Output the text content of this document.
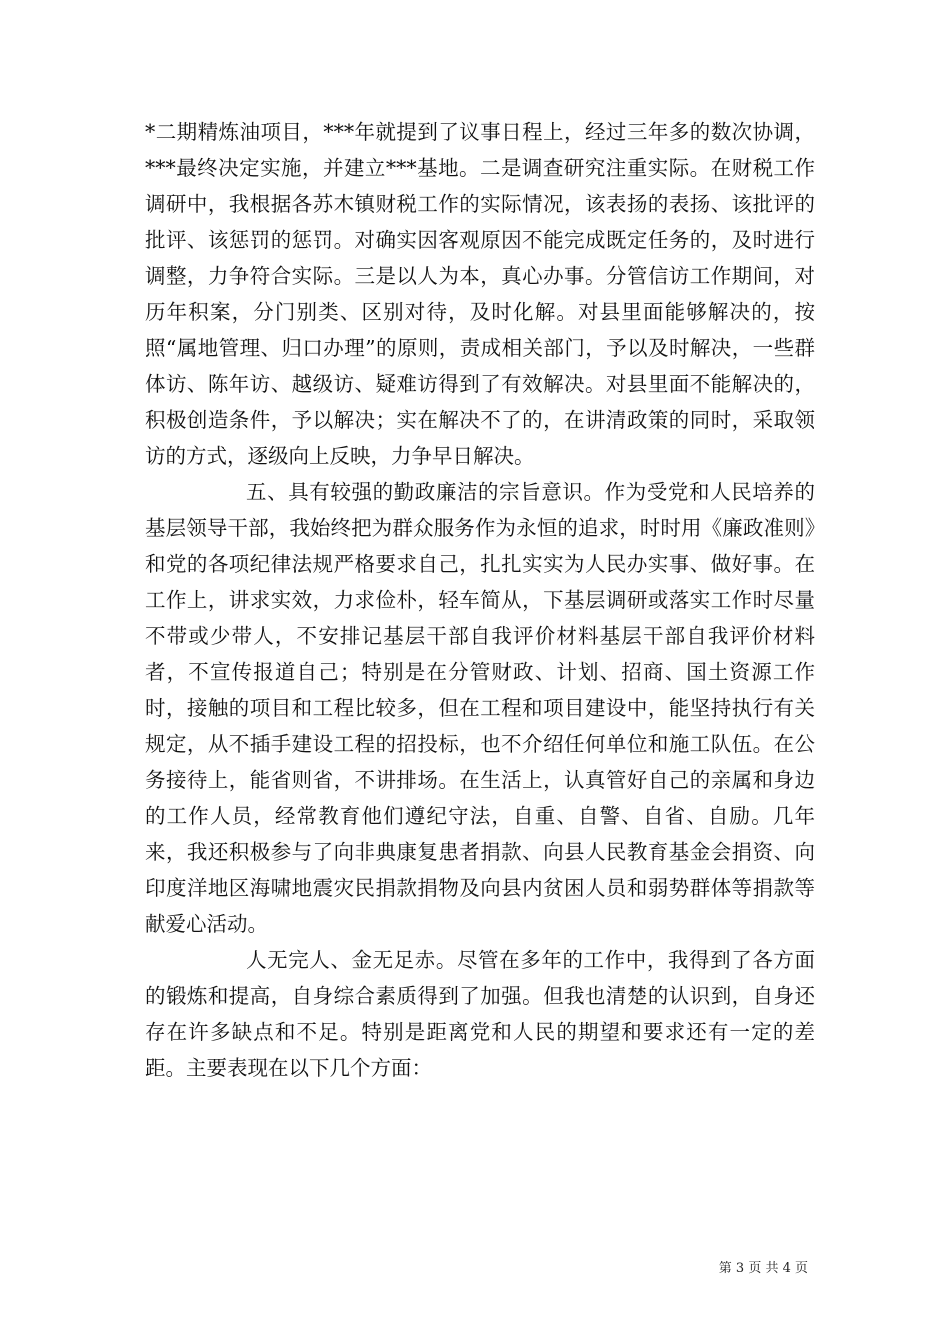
*二期精炼油项目，***年就提到了议事日程上，经过三年多的数次协调，***最终决定实施，并建立***基地。二是调查研究注重实际。在财税工作调研中，我根据各苏木镇财税工作的实际情况，该表扬的表扬、该批评的批评、该惩罚的惩罚。对确实因客观原因不能完成既定任务的，及时进行调整，力争符合实际。三是以人为本，真心办事。分管信访工作期间，对历年积案，分门别类、区别对待，及时化解。对县里面能够解决的，按照“属地管理、归口办理”的原则，责成相关部门，予以及时解决，一些群体访、陈年访、越级访、疑难访得到了有效解决。对县里面不能解决的，积极创造条件，予以解决；实在解决不了的，在讲清政策的同时，采取领访的方式，逐级向上反映，力争早日解决。

五、具有较强的勤政廉洁的宗旨意识。作为受党和人民培养的基层领导干部，我始终把为群众服务作为永恒的追求，时时用《廉政准则》和党的各项纪律法规严格要求自己，扎扎实实为人民办实事、做好事。在工作上，讲求实效，力求俭朴，轻车简从，下基层调研或落实工作时尽量不带或少带人，不安排记基层干部自我评价材料基层干部自我评价材料者，不宣传报道自己；特别是在分管财政、计划、招商、国土资源工作时，接触的项目和工程比较多，但在工程和项目建设中，能坚持执行有关规定，从不插手建设工程的招投标，也不介绍任何单位和施工队伍。在公务接待上，能省则省，不讲排场。在生活上，认真管好自己的亲属和身边的工作人员，经常教育他们遵纪守法，自重、自警、自省、自励。几年来，我还积极参与了向非典康复患者捐款、向县人民教育基金会捐资、向印度洋地区海啸地震灾民捐款捐物及向县内贫困人员和弱势群体等捐款等献爱心活动。

人无完人、金无足赤。尽管在多年的工作中，我得到了各方面的锻炼和提高，自身综合素质得到了加强。但我也清楚的认识到，自身还存在许多缺点和不足。特别是距离党和人民的期望和要求还有一定的差距。主要表现在以下几个方面：

第 3 页 共 4 页
